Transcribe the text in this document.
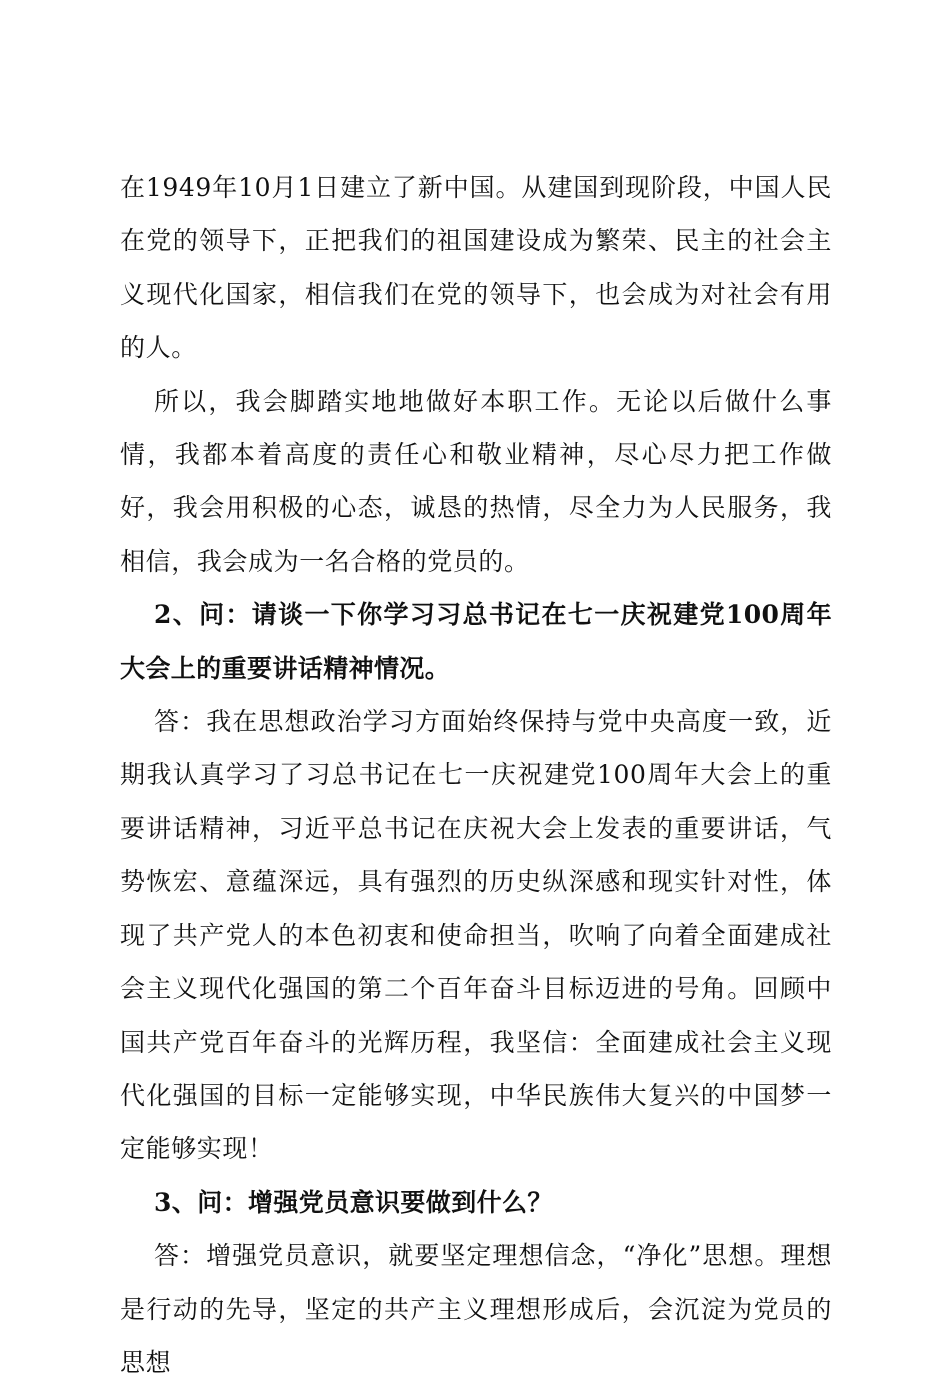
在1949年10月1日建立了新中国。从建国到现阶段，中国人民在党的领导下，正把我们的祖国建设成为繁荣、民主的社会主义现代化国家，相信我们在党的领导下，也会成为对社会有用的人。

所以，我会脚踏实地地做好本职工作。无论以后做什么事情，我都本着高度的责任心和敬业精神，尽心尽力把工作做好，我会用积极的心态，诚恳的热情，尽全力为人民服务，我相信，我会成为一名合格的党员的。

2、问：请谈一下你学习习总书记在七一庆祝建党100周年大会上的重要讲话精神情况。

答：我在思想政治学习方面始终保持与党中央高度一致，近期我认真学习了习总书记在七一庆祝建党100周年大会上的重要讲话精神，习近平总书记在庆祝大会上发表的重要讲话，气势恢宏、意蕴深远，具有强烈的历史纵深感和现实针对性，体现了共产党人的本色初衷和使命担当，吹响了向着全面建成社会主义现代化强国的第二个百年奋斗目标迈进的号角。回顾中国共产党百年奋斗的光辉历程，我坚信：全面建成社会主义现代化强国的目标一定能够实现，中华民族伟大复兴的中国梦一定能够实现！

3、问：增强党员意识要做到什么？

答：增强党员意识，就要坚定理想信念，“净化”思想。理想是行动的先导，坚定的共产主义理想形成后，会沉淀为党员的思想
